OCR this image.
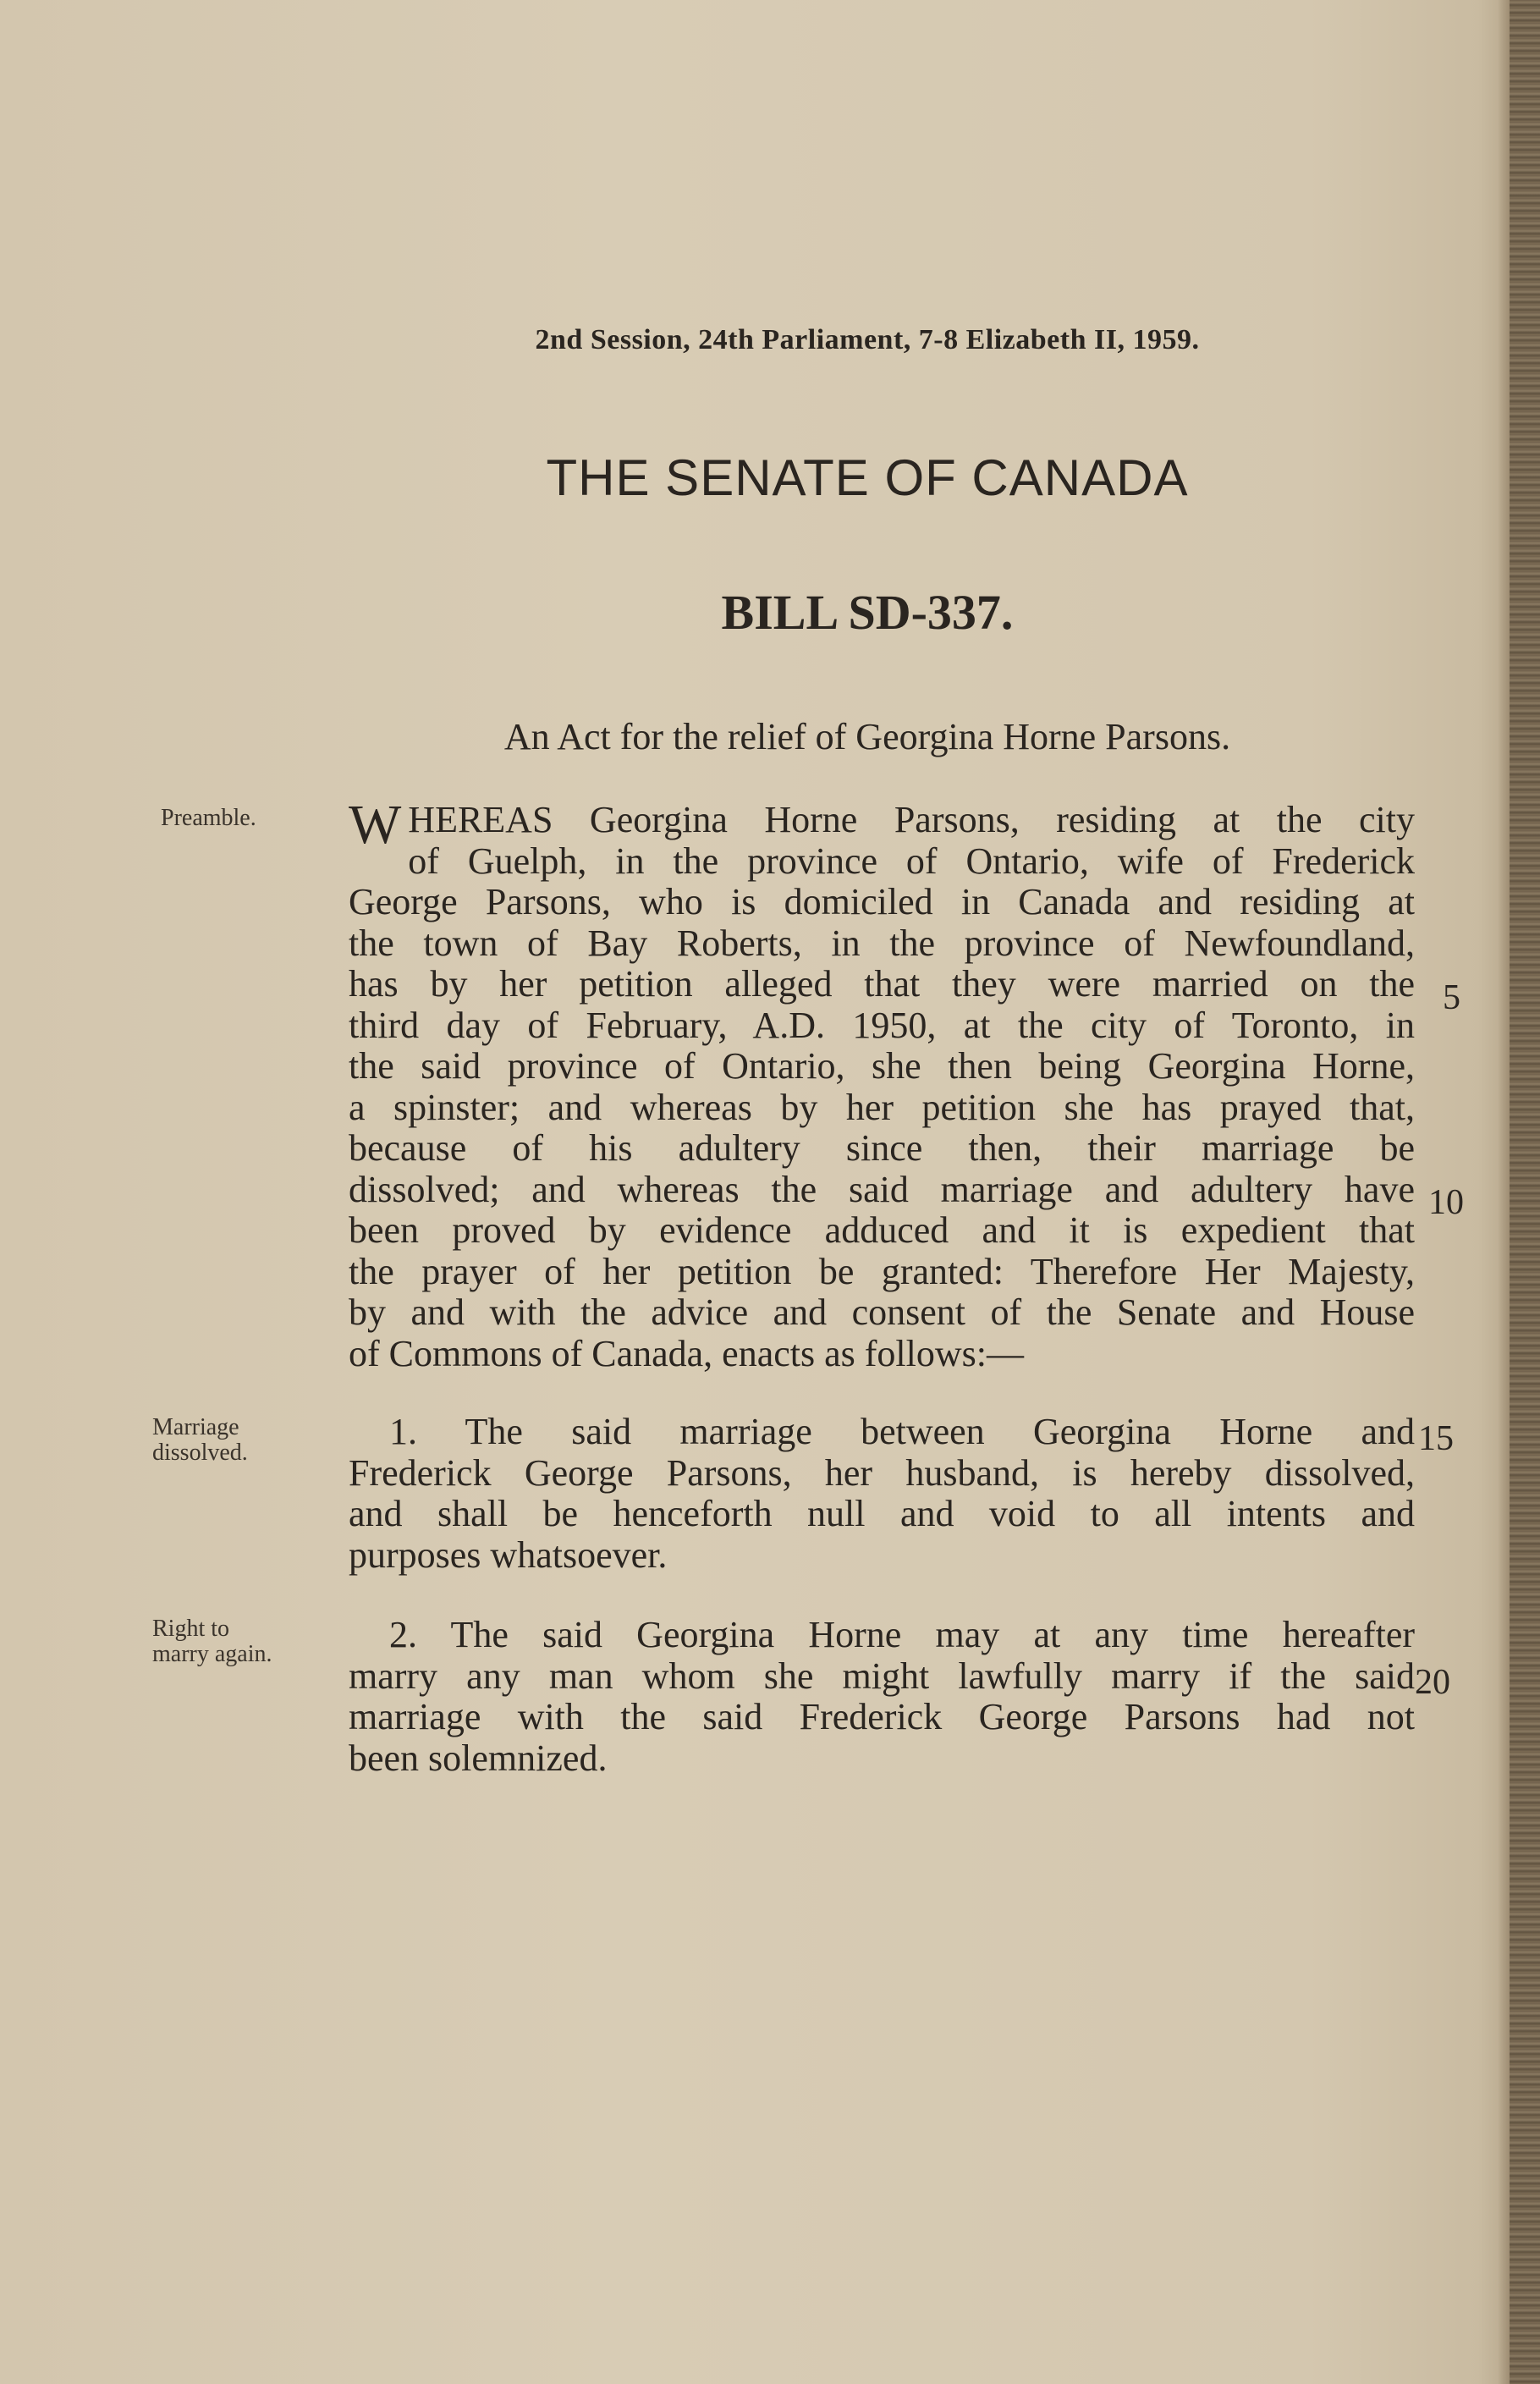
2nd Session, 24th Parliament, 7-8 Elizabeth II, 1959.
THE SENATE OF CANADA
BILL SD-337.
An Act for the relief of Georgina Horne Parsons.
Preamble.
Marriage
dissolved.
Right to
marry again.
W HEREAS Georgina Horne Parsons, residing at the city
of Guelph, in the province of Ontario, wife of Frederick
George Parsons, who is domiciled in Canada and residing at
the town of Bay Roberts, in the province of Newfoundland,
has by her petition alleged that they were married on the
third day of February, A.D. 1950, at the city of Toronto, in
the said province of Ontario, she then being Georgina Horne,
a spinster; and whereas by her petition she has prayed that,
because of his adultery since then, their marriage be
dissolved; and whereas the said marriage and adultery have
been proved by evidence adduced and it is expedient that
the prayer of her petition be granted: Therefore Her Majesty,
by and with the advice and consent of the Senate and House
of Commons of Canada, enacts as follows:—
1. The said marriage between Georgina Horne and
Frederick George Parsons, her husband, is hereby dissolved,
and shall be henceforth null and void to all intents and
purposes whatsoever.
2. The said Georgina Horne may at any time hereafter
marry any man whom she might lawfully marry if the said
marriage with the said Frederick George Parsons had not
been solemnized.
5
10
15
20
